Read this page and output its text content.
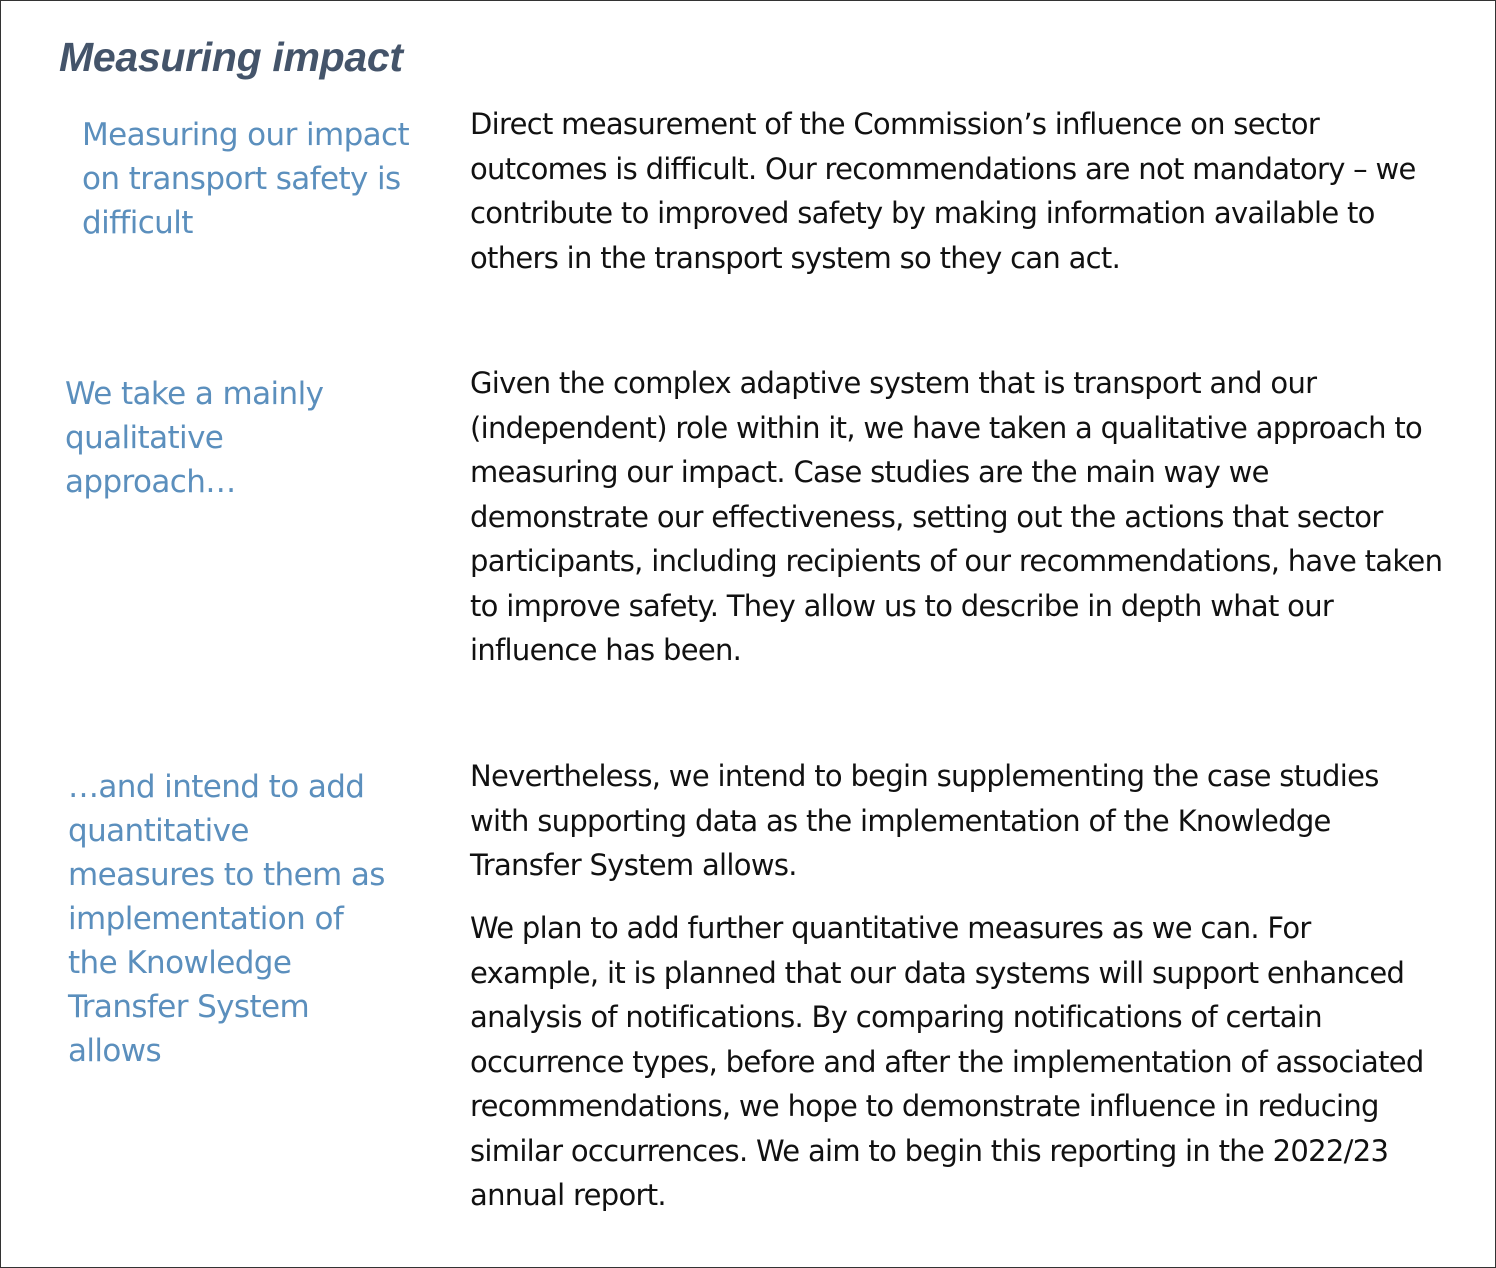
Measuring impact

Measuring our impact on transport safety is difficult

Direct measurement of the Commission’s influence on sector outcomes is difficult. Our recommendations are not mandatory – we contribute to improved safety by making information available to others in the transport system so they can act.

We take a mainly qualitative approach…

Given the complex adaptive system that is transport and our (independent) role within it, we have taken a qualitative approach to measuring our impact. Case studies are the main way we demonstrate our effectiveness, setting out the actions that sector participants, including recipients of our recommendations, have taken to improve safety. They allow us to describe in depth what our influence has been.

…and intend to add quantitative measures to them as implementation of the Knowledge Transfer System allows

Nevertheless, we intend to begin supplementing the case studies with supporting data as the implementation of the Knowledge Transfer System allows.

We plan to add further quantitative measures as we can. For example, it is planned that our data systems will support enhanced analysis of notifications. By comparing notifications of certain occurrence types, before and after the implementation of associated recommendations, we hope to demonstrate influence in reducing similar occurrences. We aim to begin this reporting in the 2022/23 annual report.
